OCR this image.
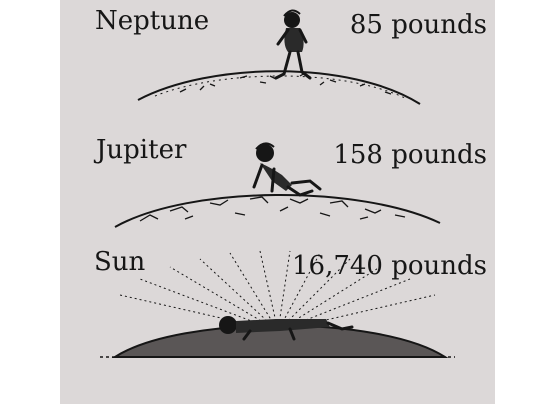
Neptune	85 pounds
Jupiter	158 pounds
Sun	16,740 pounds
